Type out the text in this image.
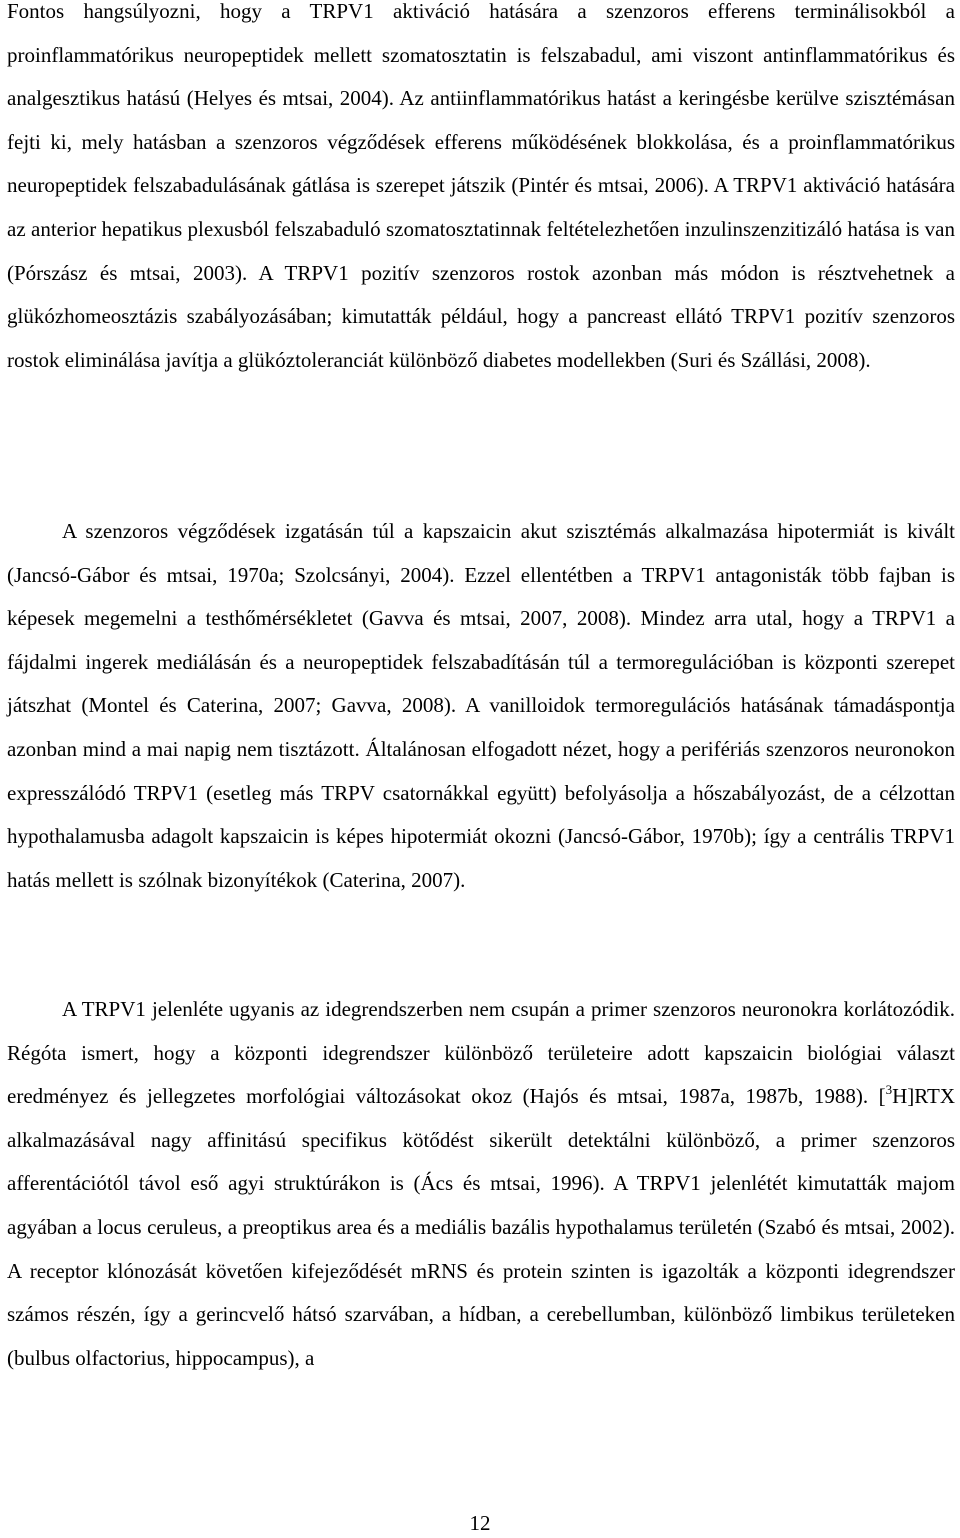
Fontos hangsúlyozni, hogy a TRPV1 aktiváció hatására a szenzoros efferens terminálisokból a proinflammatórikus neuropeptidek mellett szomatosztatin is felszabadul, ami viszont antinflammatórikus és analgesztikus hatású (Helyes és mtsai, 2004). Az antiinflammatórikus hatást a keringésbe kerülve szisztémásan fejti ki, mely hatásban a szenzoros végződések efferens működésének blokkolása, és a proinflammatórikus neuropeptidek felszabadulásának gátlása is szerepet játszik (Pintér és mtsai, 2006). A TRPV1 aktiváció hatására az anterior hepatikus plexusból felszabaduló szomatosztatinnak feltételezhetően inzulinszenzitizáló hatása is van (Pórszász és mtsai, 2003). A TRPV1 pozitív szenzoros rostok azonban más módon is résztvehetnek a glükózhomeosztázis szabályozásában; kimutatták például, hogy a pancreast ellátó TRPV1 pozitív szenzoros rostok eliminálása javítja a glükóztoleranciát különböző diabetes modellekben (Suri és Szállási, 2008).

A szenzoros végződések izgatásán túl a kapszaicin akut szisztémás alkalmazása hipotermiát is kivált (Jancsó-Gábor és mtsai, 1970a; Szolcsányi, 2004). Ezzel ellentétben a TRPV1 antagonisták több fajban is képesek megemelni a testhőmérsékletet (Gavva és mtsai, 2007, 2008). Mindez arra utal, hogy a TRPV1 a fájdalmi ingerek mediálásán és a neuropeptidek felszabadításán túl a termoregulációban is központi szerepet játszhat (Montel és Caterina, 2007; Gavva, 2008). A vanilloidok termoregulációs hatásának támadáspontja azonban mind a mai napig nem tisztázott. Általánosan elfogadott nézet, hogy a perifériás szenzoros neuronokon expresszálódó TRPV1 (esetleg más TRPV csatornákkal együtt) befolyásolja a hőszabályozást, de a célzottan hypothalamusba adagolt kapszaicin is képes hipotermiát okozni (Jancsó-Gábor, 1970b); így a centrális TRPV1 hatás mellett is szólnak bizonyítékok (Caterina, 2007).

A TRPV1 jelenléte ugyanis az idegrendszerben nem csupán a primer szenzoros neuronokra korlátozódik. Régóta ismert, hogy a központi idegrendszer különböző területeire adott kapszaicin biológiai választ eredményez és jellegzetes morfológiai változásokat okoz (Hajós és mtsai, 1987a, 1987b, 1988). [$^3$H]RTX alkalmazásával nagy affinitású specifikus kötődést sikerült detektálni különböző, a primer szenzoros afferentációtól távol eső agyi struktúrákon is (Ács és mtsai, 1996). A TRPV1 jelenlétét kimutatták majom agyában a locus ceruleus, a preoptikus area és a mediális bazális hypothalamus területén (Szabó és mtsai, 2002). A receptor klónozását követően kifejeződését mRNS és protein szinten is igazolták a központi idegrendszer számos részén, így a gerincvelő hátsó szarvában, a hídban, a cerebellumban, különböző limbikus területeken (bulbus olfactorius, hippocampus), a

12
